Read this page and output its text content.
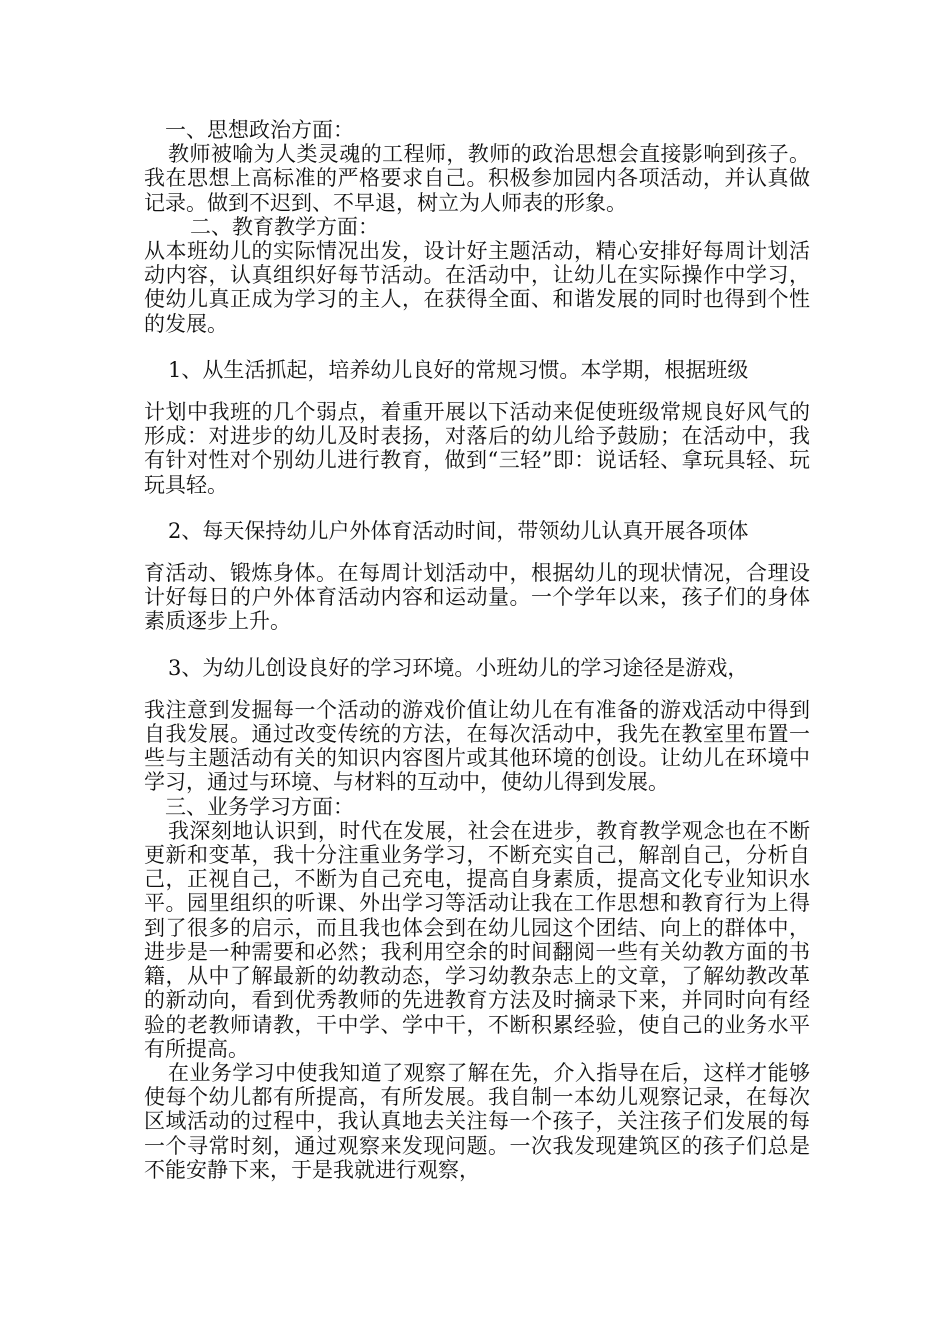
一、思想政治方面：

教师被喻为人类灵魂的工程师，教师的政治思想会直接影响到孩子。我在思想上高标准的严格要求自己。积极参加园内各项活动，并认真做记录。做到不迟到、不早退，树立为人师表的形象。

二、教育教学方面：

从本班幼儿的实际情况出发，设计好主题活动，精心安排好每周计划活动内容，认真组织好每节活动。在活动中，让幼儿在实际操作中学习，使幼儿真正成为学习的主人，在获得全面、和谐发展的同时也得到个性的发展。

1、从生活抓起，培养幼儿良好的常规习惯。本学期，根据班级

计划中我班的几个弱点，着重开展以下活动来促使班级常规良好风气的形成：对进步的幼儿及时表扬，对落后的幼儿给予鼓励；在活动中，我有针对性对个别幼儿进行教育，做到“三轻”即：说话轻、拿玩具轻、玩玩具轻。

2、每天保持幼儿户外体育活动时间，带领幼儿认真开展各项体

育活动、锻炼身体。在每周计划活动中，根据幼儿的现状情况，合理设计好每日的户外体育活动内容和运动量。一个学年以来，孩子们的身体素质逐步上升。

3、为幼儿创设良好的学习环境。小班幼儿的学习途径是游戏，

我注意到发掘每一个活动的游戏价值让幼儿在有准备的游戏活动中得到自我发展。通过改变传统的方法，在每次活动中，我先在教室里布置一些与主题活动有关的知识内容图片或其他环境的创设。让幼儿在环境中学习，通过与环境、与材料的互动中，使幼儿得到发展。

三、业务学习方面：

我深刻地认识到，时代在发展，社会在进步，教育教学观念也在不断更新和变革，我十分注重业务学习，不断充实自己，解剖自己，分析自己，正视自己，不断为自己充电，提高自身素质，提高文化专业知识水平。园里组织的听课、外出学习等活动让我在工作思想和教育行为上得到了很多的启示，而且我也体会到在幼儿园这个团结、向上的群体中，进步是一种需要和必然；我利用空余的时间翻阅一些有关幼教方面的书籍，从中了解最新的幼教动态，学习幼教杂志上的文章，了解幼教改革的新动向，看到优秀教师的先进教育方法及时摘录下来，并同时向有经验的老教师请教，干中学、学中干，不断积累经验，使自己的业务水平有所提高。

在业务学习中使我知道了观察了解在先，介入指导在后，这样才能够使每个幼儿都有所提高，有所发展。我自制一本幼儿观察记录，在每次区域活动的过程中，我认真地去关注每一个孩子，关注孩子们发展的每一个寻常时刻，通过观察来发现问题。一次我发现建筑区的孩子们总是不能安静下来，于是我就进行观察，
